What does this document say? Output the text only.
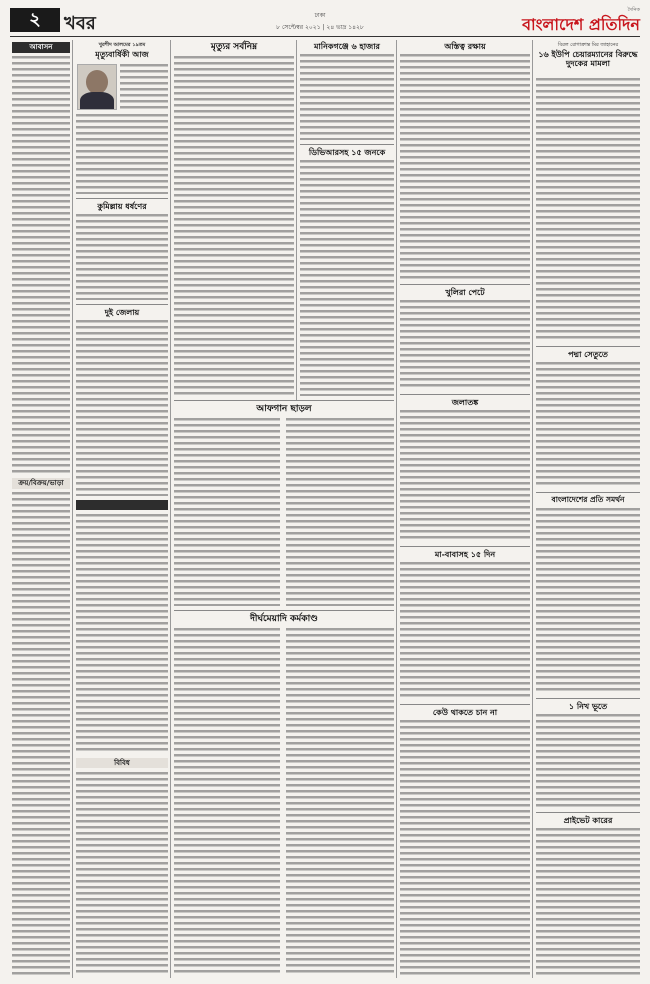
২	খবর	ঢাকা
৮ সেপ্টেম্বর ২০২১ | ২৪ ভাদ্র ১৪২৮
দৈনিক
বাংলাদেশ প্রতিদিন
আবাসন
ক্রয়/বিক্রয়/ভাড়া
খুরশীদ আলমের ১৯তম
মৃত্যুবার্ষিকী আজ
কুমিল্লায় ধর্ষণের
দুই জেলায়
বিবিধ
মৃত্যুর সর্বনিম্ন	মানিকগঞ্জে ৬ হাজার
ডিভিআরসহ ১৫ জনকে
আফগান ছাড়ল
দীর্ঘমেয়াদি কর্মকাণ্ড
অস্তিত্ব রক্ষায়
খুলিরা পেটে
জলাতঙ্ক
মা-বাবাসহ ১৫ দিন
কেউ থাকতে চান না
বিরল রোগাক্রান্ত মির জাহানের
১৬ ইউপি চেয়ারম্যানের বিরুদ্ধে দুদকের মামলা
পদ্মা সেতুতে
বাংলাদেশের প্রতি সমর্থন
১ নিখ ভূতে
প্রাইভেট কারের
